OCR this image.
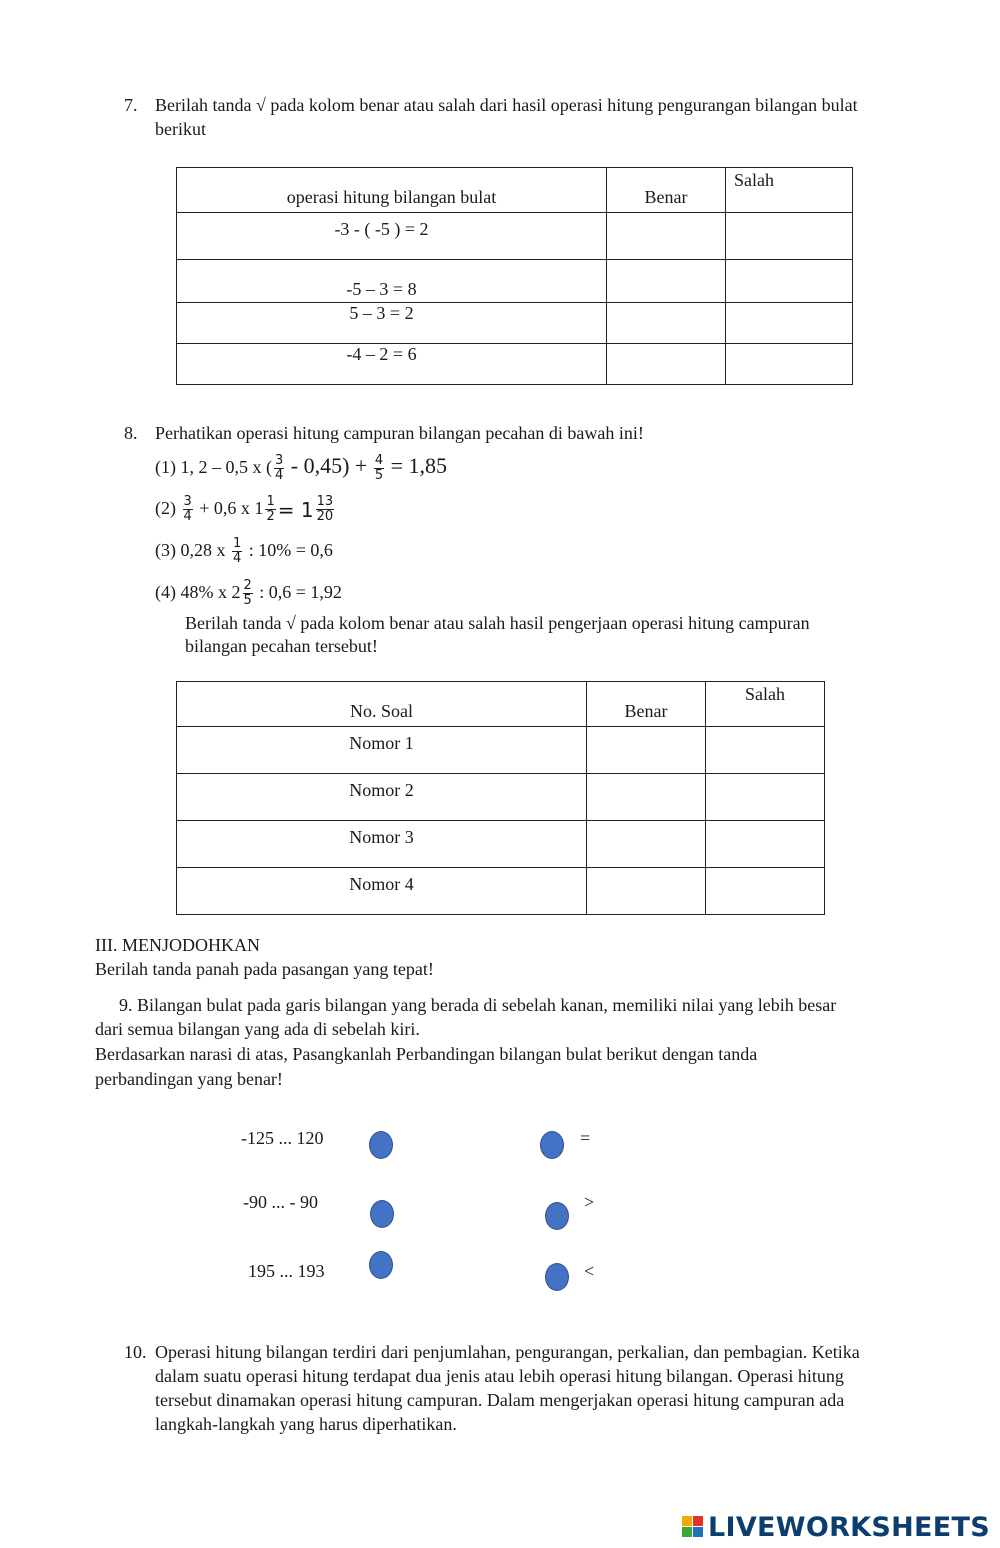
7. Berilah tanda √ pada kolom benar atau salah dari hasil operasi hitung pengurangan bilangan bulat
berikut
operasi hitung bilangan bulat	Benar	Salah
-3 - ( -5 ) = 2		
-5 – 3 = 8		
5 – 3 = 2		
-4 – 2 = 6		
8. Perhatikan operasi hitung campuran bilangan pecahan di bawah ini!
(1) 1, 2 – 0,5 x ( $\frac{3}{4} - 0,45) + \frac{4}{5} = 1,85$
$(2) \frac{3}{4} + 0,6$ x $1 \frac{1}{2} = 1 \frac{13}{20}$
(3) 0,28 x $\frac{1}{4}$ : 10% = 0,6
(4) 48% x $2 \frac{2}{5}$ : 0,6 = 1,92
Berilah tanda √ pada kolom benar atau salah hasil pengerjaan operasi hitung campuran
bilangan pecahan tersebut!
No. Soal	Benar	Salah
Nomor 1		
Nomor 2		
Nomor 3		
Nomor 4		
III. MENJODOHKAN
Berilah tanda panah pada pasangan yang tepat!
9. Bilangan bulat pada garis bilangan yang berada di sebelah kanan, memiliki nilai yang lebih besar
dari semua bilangan yang ada di sebelah kiri.
Berdasarkan narasi di atas, Pasangkanlah Perbandingan bilangan bulat berikut dengan tanda
perbandingan yang benar!
-125 ... 120
-90 ... - 90
195 ... 193
=
>
<
10. Operasi hitung bilangan terdiri dari penjumlahan, pengurangan, perkalian, dan pembagian. Ketika
dalam suatu operasi hitung terdapat dua jenis atau lebih operasi hitung bilangan. Operasi hitung
tersebut dinamakan operasi hitung campuran. Dalam mengerjakan operasi hitung campuran ada
langkah-langkah yang harus diperhatikan.
LIVEWORKSHEETS
